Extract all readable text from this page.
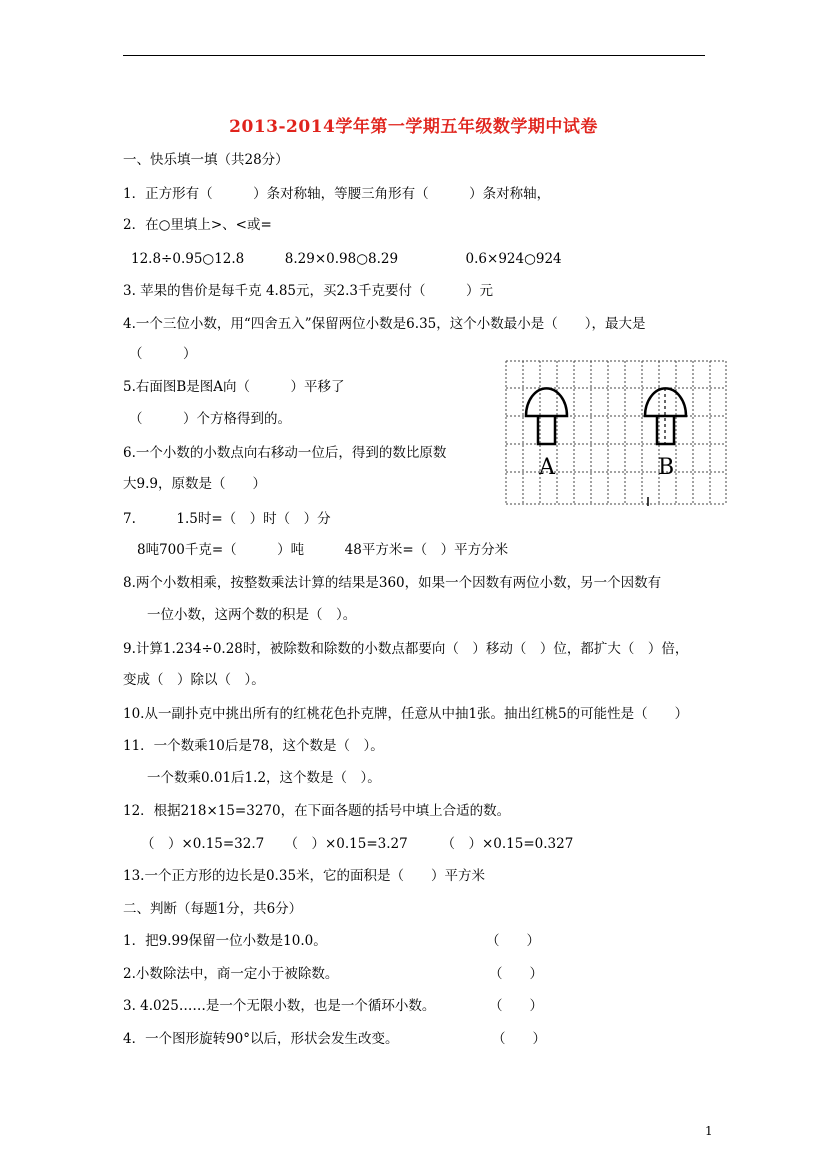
2013-2014学年第一学期五年级数学期中试卷
一、快乐填一填（共28分）
1．正方形有（　　　）条对称轴，等腰三角形有（　　　）条对称轴，
2．在○里填上>、<或=
12.8÷0.95○12.8　　　8.29×0.98○8.29　　　　　0.6×924○924
3. 苹果的售价是每千克 4.85元，买2.3千克要付（　　　）元
4.一个三位小数，用“四舍五入”保留两位小数是6.35，这个小数最小是（　　），最大是
（　　　）
5.右面图B是图A向（　　　）平移了
（　　　）个方格得到的。
6.一个小数的小数点向右移动一位后，得到的数比原数
大9.9，原数是（　　）
7.　　　1.5时=（　）时（　）分
8吨700千克=（　　　）吨　　　48平方米=（　）平方分米
8.两个小数相乘，按整数乘法计算的结果是360，如果一个因数有两位小数，另一个因数有
一位小数，这两个数的积是（　）。
9.计算1.234÷0.28时，被除数和除数的小数点都要向（　）移动（　）位，都扩大（　）倍，
变成（　）除以（　）。
10.从一副扑克中挑出所有的红桃花色扑克牌，任意从中抽1张。抽出红桃5的可能性是（　　）
11．一个数乘10后是78，这个数是（　）。
一个数乘0.01后1.2，这个数是（　）。
12．根据218×15=3270，在下面各题的括号中填上合适的数。
（　）×0.15=32.7　　（　）×0.15=3.27　　　（　）×0.15=0.327
13.一个正方形的边长是0.35米，它的面积是（　　）平方米
二、判断（每题1分，共6分）
1．把9.99保留一位小数是10.0。	（　　）
2.小数除法中，商一定小于被除数。	（　　）
3. 4.025……是一个无限小数，也是一个循环小数。	（　　）
4．一个图形旋转90°以后，形状会发生改变。	（　　）
A	B
1
